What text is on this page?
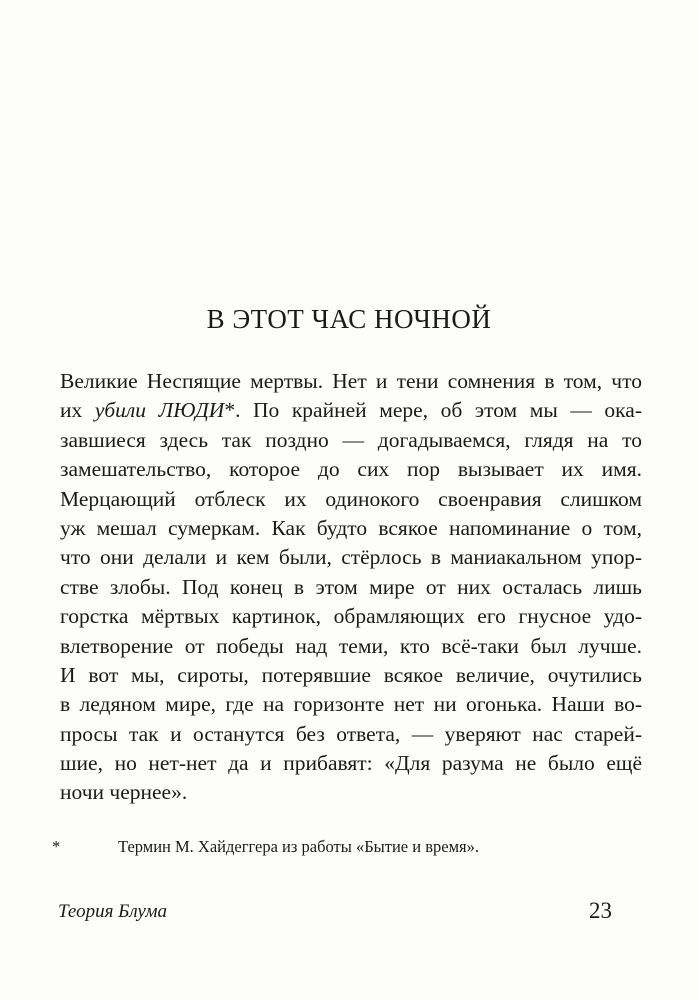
В ЭТОТ ЧАС НОЧНОЙ
Великие Неспящие мертвы. Нет и тени сомнения в том, что
их убили ЛЮДИ*. По крайней мере, об этом мы — ока-
завшиеся здесь так поздно — догадываемся, глядя на то
замешательство, которое до сих пор вызывает их имя.
Мерцающий отблеск их одинокого своенравия слишком
уж мешал сумеркам. Как будто всякое напоминание о том,
что они делали и кем были, стёрлось в маниакальном упор-
стве злобы. Под конец в этом мире от них осталась лишь
горстка мёртвых картинок, обрамляющих его гнусное удо-
влетворение от победы над теми, кто всё-таки был лучше.
И вот мы, сироты, потерявшие всякое величие, очутились
в ледяном мире, где на горизонте нет ни огонька. Наши во-
просы так и останутся без ответа, — уверяют нас старей-
шие, но нет-нет да и прибавят: «Для разума не было ещё
ночи чернее».
*	Термин М. Хайдеггера из работы «Бытие и время».
Теория Блума	23
